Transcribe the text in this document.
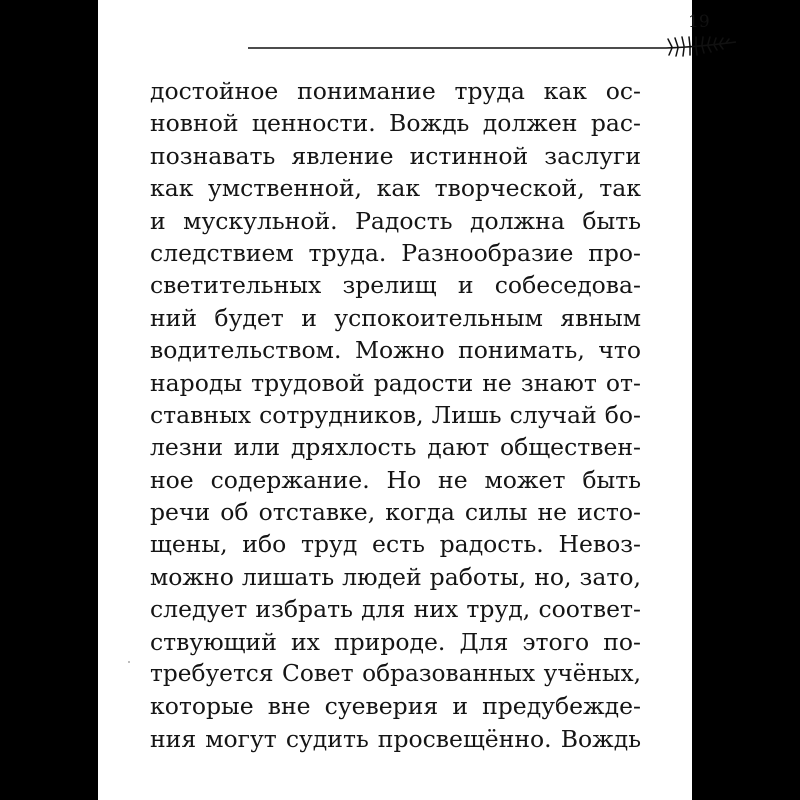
19
достойное понимание труда как ос-
новной ценности. Вождь должен рас-
познавать явление истинной заслуги
как умственной, как творческой, так
и мускульной. Радость должна быть
следствием труда. Разнообразие про-
светительных зрелищ и собеседова-
ний будет и успокоительным явным
водительством. Можно понимать, что
народы трудовой радости не знают от-
ставных сотрудников, Лишь случай бо-
лезни или дряхлость дают обществен-
ное содержание. Но не может быть
речи об отставке, когда силы не исто-
щены, ибо труд есть радость. Невоз-
можно лишать людей работы, но, зато,
следует избрать для них труд, соответ-
ствующий их природе. Для этого по-
требуется Совет образованных учёных,
которые вне суеверия и предубежде-
ния могут судить просвещённо. Вождь
